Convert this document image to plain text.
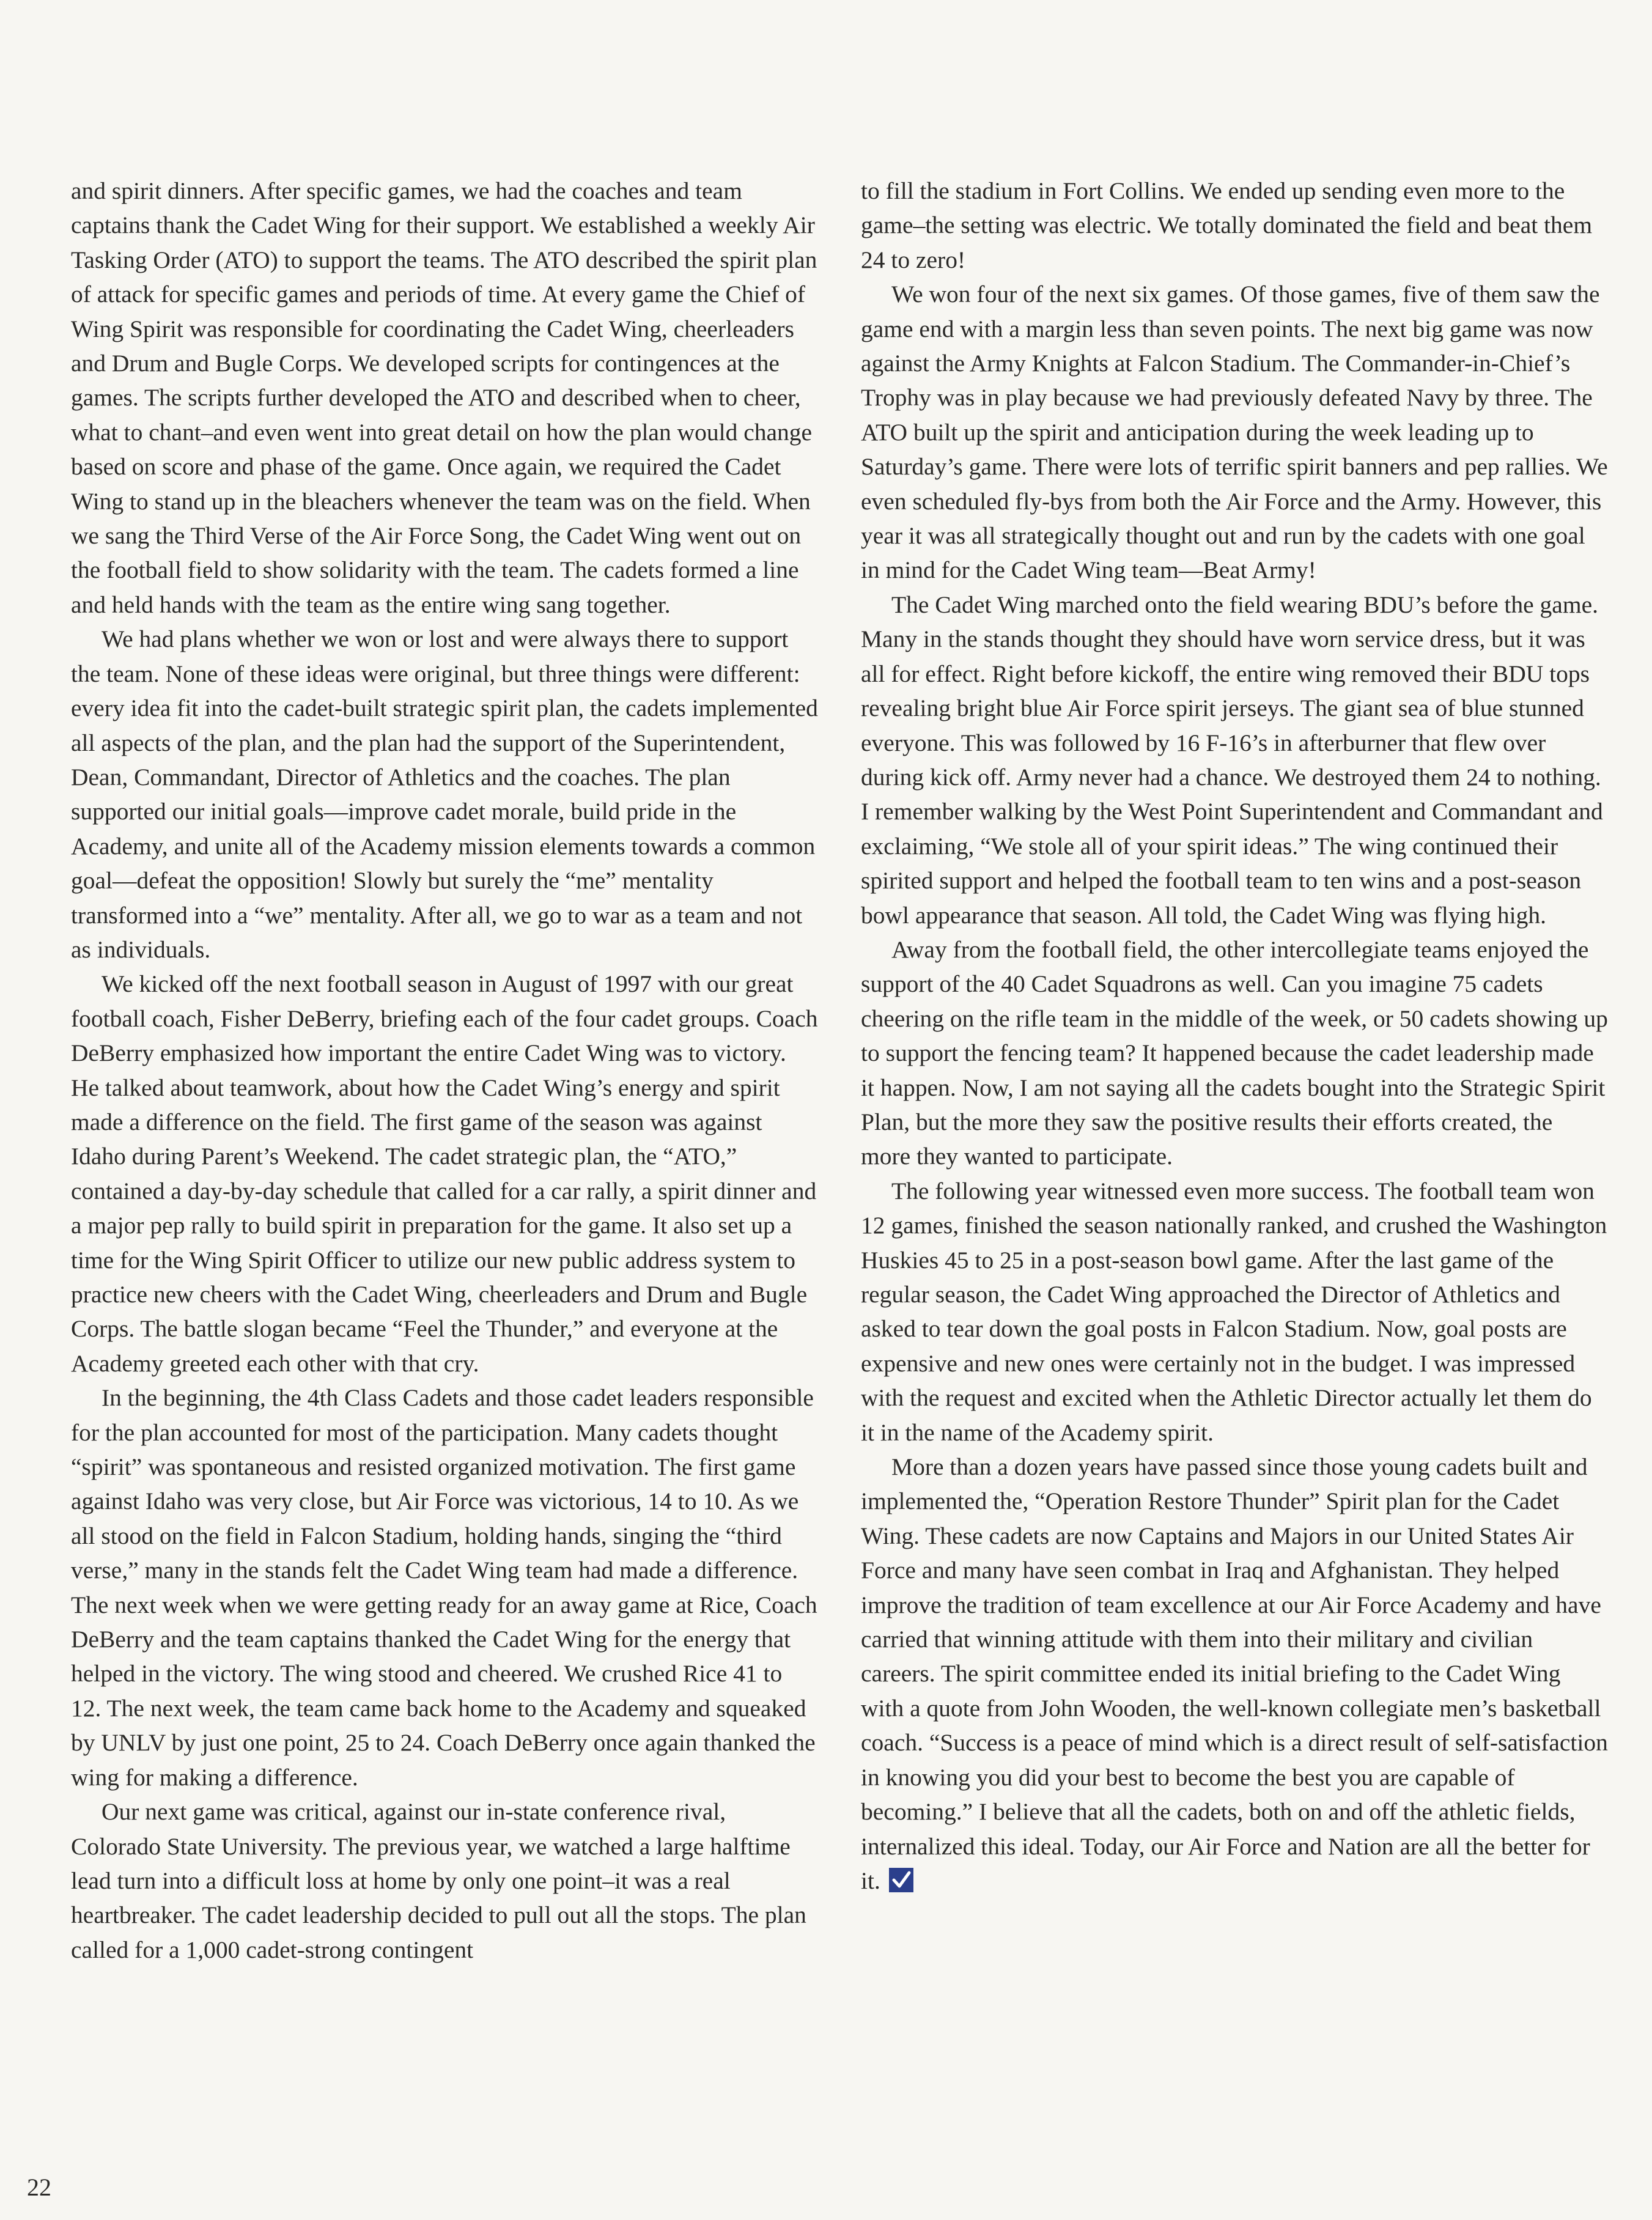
and spirit dinners. After specific games, we had the coaches and team captains thank the Cadet Wing for their support. We established a weekly Air Tasking Order (ATO) to support the teams. The ATO described the spirit plan of attack for specific games and periods of time. At every game the Chief of Wing Spirit was responsible for coordinating the Cadet Wing, cheerleaders and Drum and Bugle Corps. We developed scripts for contingences at the games. The scripts further developed the ATO and described when to cheer, what to chant–and even went into great detail on how the plan would change based on score and phase of the game. Once again, we required the Cadet Wing to stand up in the bleachers whenever the team was on the field. When we sang the Third Verse of the Air Force Song, the Cadet Wing went out on the football field to show solidarity with the team. The cadets formed a line and held hands with the team as the entire wing sang together.

We had plans whether we won or lost and were always there to support the team. None of these ideas were original, but three things were different: every idea fit into the cadet-built strategic spirit plan, the cadets implemented all aspects of the plan, and the plan had the support of the Superintendent, Dean, Commandant, Director of Athletics and the coaches. The plan supported our initial goals—improve cadet morale, build pride in the Academy, and unite all of the Academy mission elements towards a common goal—defeat the opposition! Slowly but surely the “me” mentality transformed into a “we” mentality. After all, we go to war as a team and not as individuals.

We kicked off the next football season in August of 1997 with our great football coach, Fisher DeBerry, briefing each of the four cadet groups. Coach DeBerry emphasized how important the entire Cadet Wing was to victory. He talked about teamwork, about how the Cadet Wing’s energy and spirit made a difference on the field. The first game of the season was against Idaho during Parent’s Weekend. The cadet strategic plan, the “ATO,” contained a day-by-day schedule that called for a car rally, a spirit dinner and a major pep rally to build spirit in preparation for the game. It also set up a time for the Wing Spirit Officer to utilize our new public address system to practice new cheers with the Cadet Wing, cheerleaders and Drum and Bugle Corps. The battle slogan became “Feel the Thunder,” and everyone at the Academy greeted each other with that cry.

In the beginning, the 4th Class Cadets and those cadet leaders responsible for the plan accounted for most of the participation. Many cadets thought “spirit” was spontaneous and resisted organized motivation. The first game against Idaho was very close, but Air Force was victorious, 14 to 10. As we all stood on the field in Falcon Stadium, holding hands, singing the “third verse,” many in the stands felt the Cadet Wing team had made a difference. The next week when we were getting ready for an away game at Rice, Coach DeBerry and the team captains thanked the Cadet Wing for the energy that helped in the victory. The wing stood and cheered. We crushed Rice 41 to 12. The next week, the team came back home to the Academy and squeaked by UNLV by just one point, 25 to 24. Coach DeBerry once again thanked the wing for making a difference.

Our next game was critical, against our in-state conference rival, Colorado State University. The previous year, we watched a large halftime lead turn into a difficult loss at home by only one point–it was a real heartbreaker. The cadet leadership decided to pull out all the stops. The plan called for a 1,000 cadet-strong contingent

to fill the stadium in Fort Collins. We ended up sending even more to the game–the setting was electric. We totally dominated the field and beat them 24 to zero!

We won four of the next six games. Of those games, five of them saw the game end with a margin less than seven points. The next big game was now against the Army Knights at Falcon Stadium. The Commander-in-Chief’s Trophy was in play because we had previously defeated Navy by three. The ATO built up the spirit and anticipation during the week leading up to Saturday’s game. There were lots of terrific spirit banners and pep rallies. We even scheduled fly-bys from both the Air Force and the Army. However, this year it was all strategically thought out and run by the cadets with one goal in mind for the Cadet Wing team—Beat Army!

The Cadet Wing marched onto the field wearing BDU’s before the game. Many in the stands thought they should have worn service dress, but it was all for effect. Right before kickoff, the entire wing removed their BDU tops revealing bright blue Air Force spirit jerseys. The giant sea of blue stunned everyone. This was followed by 16 F-16’s in afterburner that flew over during kick off. Army never had a chance. We destroyed them 24 to nothing. I remember walking by the West Point Superintendent and Commandant and exclaiming, “We stole all of your spirit ideas.” The wing continued their spirited support and helped the football team to ten wins and a post-season bowl appearance that season. All told, the Cadet Wing was flying high.

Away from the football field, the other intercollegiate teams enjoyed the support of the 40 Cadet Squadrons as well. Can you imagine 75 cadets cheering on the rifle team in the middle of the week, or 50 cadets showing up to support the fencing team? It happened because the cadet leadership made it happen. Now, I am not saying all the cadets bought into the Strategic Spirit Plan, but the more they saw the positive results their efforts created, the more they wanted to participate.

The following year witnessed even more success. The football team won 12 games, finished the season nationally ranked, and crushed the Washington Huskies 45 to 25 in a post-season bowl game. After the last game of the regular season, the Cadet Wing approached the Director of Athletics and asked to tear down the goal posts in Falcon Stadium. Now, goal posts are expensive and new ones were certainly not in the budget. I was impressed with the request and excited when the Athletic Director actually let them do it in the name of the Academy spirit.

More than a dozen years have passed since those young cadets built and implemented the, “Operation Restore Thunder” Spirit plan for the Cadet Wing. These cadets are now Captains and Majors in our United States Air Force and many have seen combat in Iraq and Afghanistan. They helped improve the tradition of team excellence at our Air Force Academy and have carried that winning attitude with them into their military and civilian careers. The spirit committee ended its initial briefing to the Cadet Wing with a quote from John Wooden, the well-known collegiate men’s basketball coach. “Success is a peace of mind which is a direct result of self-satisfaction in knowing you did your best to become the best you are capable of becoming.” I believe that all the cadets, both on and off the athletic fields, internalized this ideal. Today, our Air Force and Nation are all the better for it.

22
